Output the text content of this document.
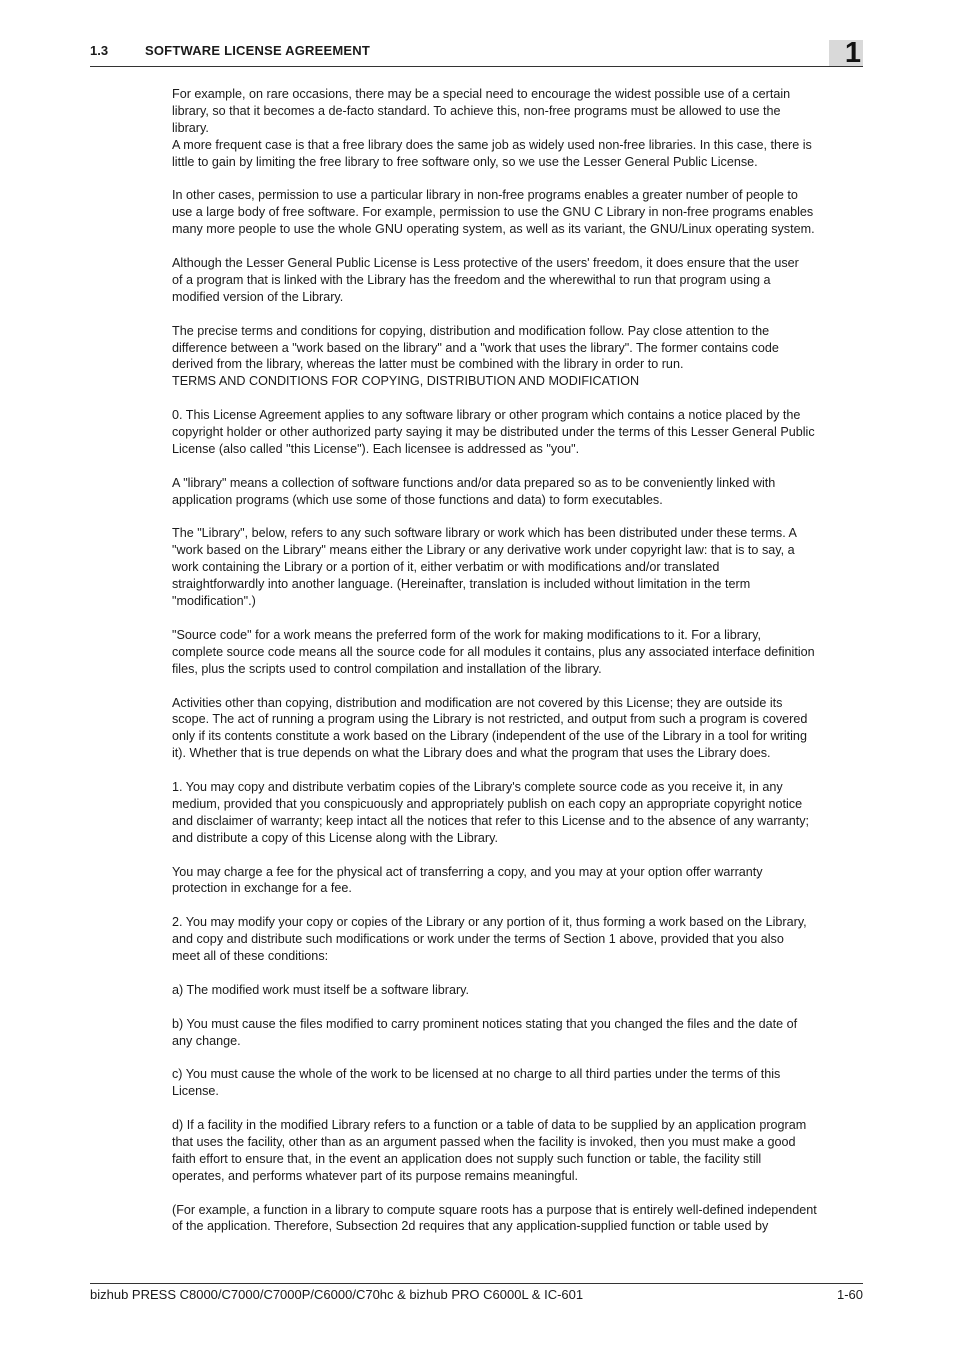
1.3	SOFTWARE LICENSE AGREEMENT	1

For example, on rare occasions, there may be a special need to encourage the widest possible use of a certain
library, so that it becomes a de-facto standard. To achieve this, non-free programs must be allowed to use the
library.

A more frequent case is that a free library does the same job as widely used non-free libraries. In this case, there is
little to gain by limiting the free library to free software only, so we use the Lesser General Public License.

In other cases, permission to use a particular library in non-free programs enables a greater number of people to
use a large body of free software. For example, permission to use the GNU C Library in non-free programs enables
many more people to use the whole GNU operating system, as well as its variant, the GNU/Linux operating system.

Although the Lesser General Public License is Less protective of the users' freedom, it does ensure that the user
of a program that is linked with the Library has the freedom and the wherewithal to run that program using a
modified version of the Library.

The precise terms and conditions for copying, distribution and modification follow. Pay close attention to the
difference between a "work based on the library" and a "work that uses the library". The former contains code
derived from the library, whereas the latter must be combined with the library in order to run.

TERMS AND CONDITIONS FOR COPYING, DISTRIBUTION AND MODIFICATION

0. This License Agreement applies to any software library or other program which contains a notice placed by the
copyright holder or other authorized party saying it may be distributed under the terms of this Lesser General Public
License (also called "this License"). Each licensee is addressed as "you".

A "library" means a collection of software functions and/or data prepared so as to be conveniently linked with
application programs (which use some of those functions and data) to form executables.

The "Library", below, refers to any such software library or work which has been distributed under these terms. A
"work based on the Library" means either the Library or any derivative work under copyright law: that is to say, a
work containing the Library or a portion of it, either verbatim or with modifications and/or translated
straightforwardly into another language. (Hereinafter, translation is included without limitation in the term
"modification".)

"Source code" for a work means the preferred form of the work for making modifications to it. For a library,
complete source code means all the source code for all modules it contains, plus any associated interface definition
files, plus the scripts used to control compilation and installation of the library.

Activities other than copying, distribution and modification are not covered by this License; they are outside its
scope. The act of running a program using the Library is not restricted, and output from such a program is covered
only if its contents constitute a work based on the Library (independent of the use of the Library in a tool for writing
it). Whether that is true depends on what the Library does and what the program that uses the Library does.

1. You may copy and distribute verbatim copies of the Library's complete source code as you receive it, in any
medium, provided that you conspicuously and appropriately publish on each copy an appropriate copyright notice
and disclaimer of warranty; keep intact all the notices that refer to this License and to the absence of any warranty;
and distribute a copy of this License along with the Library.

You may charge a fee for the physical act of transferring a copy, and you may at your option offer warranty
protection in exchange for a fee.

2. You may modify your copy or copies of the Library or any portion of it, thus forming a work based on the Library,
and copy and distribute such modifications or work under the terms of Section 1 above, provided that you also
meet all of these conditions:

a) The modified work must itself be a software library.

b) You must cause the files modified to carry prominent notices stating that you changed the files and the date of
any change.

c) You must cause the whole of the work to be licensed at no charge to all third parties under the terms of this
License.

d) If a facility in the modified Library refers to a function or a table of data to be supplied by an application program
that uses the facility, other than as an argument passed when the facility is invoked, then you must make a good
faith effort to ensure that, in the event an application does not supply such function or table, the facility still
operates, and performs whatever part of its purpose remains meaningful.

(For example, a function in a library to compute square roots has a purpose that is entirely well-defined independent
of the application. Therefore, Subsection 2d requires that any application-supplied function or table used by

bizhub PRESS C8000/C7000/C7000P/C6000/C70hc & bizhub PRO C6000L & IC-601	1-60
